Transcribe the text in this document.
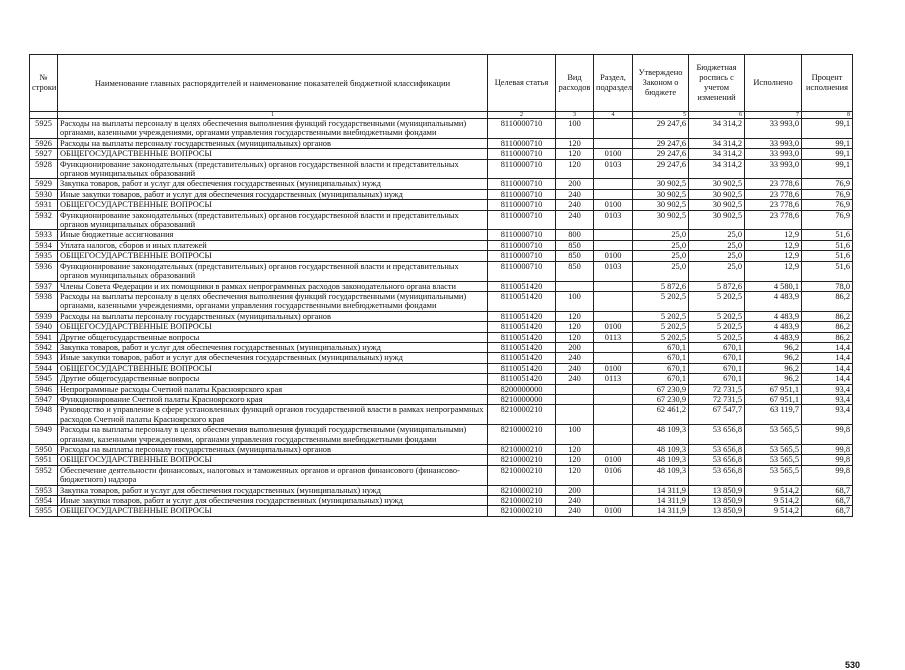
№ строки	Наименование главных распорядителей и наименование показателей бюджетной классификации	Целевая статья	Вид расходов	Раздел, подраздел	Утверждено Законом о бюджете	Бюджетная роспись с учетом изменений	Исполнено	Процент исполнения
	1	2	3	4	5	6	7	8
5925	Расходы на выплаты персоналу в целях обеспечения выполнения функций государственными (муниципальными) органами, казенными учреждениями, органами управления государственными внебюджетными фондами	8110000710	100		29 247,6	34 314,2	33 993,0	99,1
5926	Расходы на выплаты персоналу государственных (муниципальных) органов	8110000710	120		29 247,6	34 314,2	33 993,0	99,1
5927	ОБЩЕГОСУДАРСТВЕННЫЕ ВОПРОСЫ	8110000710	120	0100	29 247,6	34 314,2	33 993,0	99,1
5928	Функционирование законодательных (представительных) органов государственной власти и представительных органов муниципальных образований	8110000710	120	0103	29 247,6	34 314,2	33 993,0	99,1
5929	Закупка товаров, работ и услуг для обеспечения государственных (муниципальных) нужд	8110000710	200		30 902,5	30 902,5	23 778,6	76,9
5930	Иные закупки товаров, работ и услуг для обеспечения государственных (муниципальных) нужд	8110000710	240		30 902,5	30 902,5	23 778,6	76,9
5931	ОБЩЕГОСУДАРСТВЕННЫЕ ВОПРОСЫ	8110000710	240	0100	30 902,5	30 902,5	23 778,6	76,9
5932	Функционирование законодательных (представительных) органов государственной власти и представительных органов муниципальных образований	8110000710	240	0103	30 902,5	30 902,5	23 778,6	76,9
5933	Иные бюджетные ассигнования	8110000710	800		25,0	25,0	12,9	51,6
5934	Уплата налогов, сборов и иных платежей	8110000710	850		25,0	25,0	12,9	51,6
5935	ОБЩЕГОСУДАРСТВЕННЫЕ ВОПРОСЫ	8110000710	850	0100	25,0	25,0	12,9	51,6
5936	Функционирование законодательных (представительных) органов государственной власти и представительных органов муниципальных образований	8110000710	850	0103	25,0	25,0	12,9	51,6
5937	Члены Совета Федерации и их помощники в рамках непрограммных расходов законодательного органа власти	8110051420			5 872,6	5 872,6	4 580,1	78,0
5938	Расходы на выплаты персоналу в целях обеспечения выполнения функций государственными (муниципальными) органами, казенными учреждениями, органами управления государственными внебюджетными фондами	8110051420	100		5 202,5	5 202,5	4 483,9	86,2
5939	Расходы на выплаты персоналу государственных (муниципальных) органов	8110051420	120		5 202,5	5 202,5	4 483,9	86,2
5940	ОБЩЕГОСУДАРСТВЕННЫЕ ВОПРОСЫ	8110051420	120	0100	5 202,5	5 202,5	4 483,9	86,2
5941	Другие общегосударственные вопросы	8110051420	120	0113	5 202,5	5 202,5	4 483,9	86,2
5942	Закупка товаров, работ и услуг для обеспечения государственных (муниципальных) нужд	8110051420	200		670,1	670,1	96,2	14,4
5943	Иные закупки товаров, работ и услуг для обеспечения государственных (муниципальных) нужд	8110051420	240		670,1	670,1	96,2	14,4
5944	ОБЩЕГОСУДАРСТВЕННЫЕ ВОПРОСЫ	8110051420	240	0100	670,1	670,1	96,2	14,4
5945	Другие общегосударственные вопросы	8110051420	240	0113	670,1	670,1	96,2	14,4
5946	Непрограммные расходы Счетной палаты Красноярского края	8200000000			67 230,9	72 731,5	67 951,1	93,4
5947	Функционирование Счетной палаты Красноярского края	8210000000			67 230,9	72 731,5	67 951,1	93,4
5948	Руководство и управление в сфере установленных функций органов государственной власти в рамках непрограммных расходов Счетной палаты Красноярского края	8210000210			62 461,2	67 547,7	63 119,7	93,4
5949	Расходы на выплаты персоналу в целях обеспечения выполнения функций государственными (муниципальными) органами, казенными учреждениями, органами управления государственными внебюджетными фондами	8210000210	100		48 109,3	53 656,8	53 565,5	99,8
5950	Расходы на выплаты персоналу государственных (муниципальных) органов	8210000210	120		48 109,3	53 656,8	53 565,5	99,8
5951	ОБЩЕГОСУДАРСТВЕННЫЕ ВОПРОСЫ	8210000210	120	0100	48 109,3	53 656,8	53 565,5	99,8
5952	Обеспечение деятельности финансовых, налоговых и таможенных органов и органов финансового (финансово-бюджетного) надзора	8210000210	120	0106	48 109,3	53 656,8	53 565,5	99,8
5953	Закупка товаров, работ и услуг для обеспечения государственных (муниципальных) нужд	8210000210	200		14 311,9	13 850,9	9 514,2	68,7
5954	Иные закупки товаров, работ и услуг для обеспечения государственных (муниципальных) нужд	8210000210	240		14 311,9	13 850,9	9 514,2	68,7
5955	ОБЩЕГОСУДАРСТВЕННЫЕ ВОПРОСЫ	8210000210	240	0100	14 311,9	13 850,9	9 514,2	68,7
530
